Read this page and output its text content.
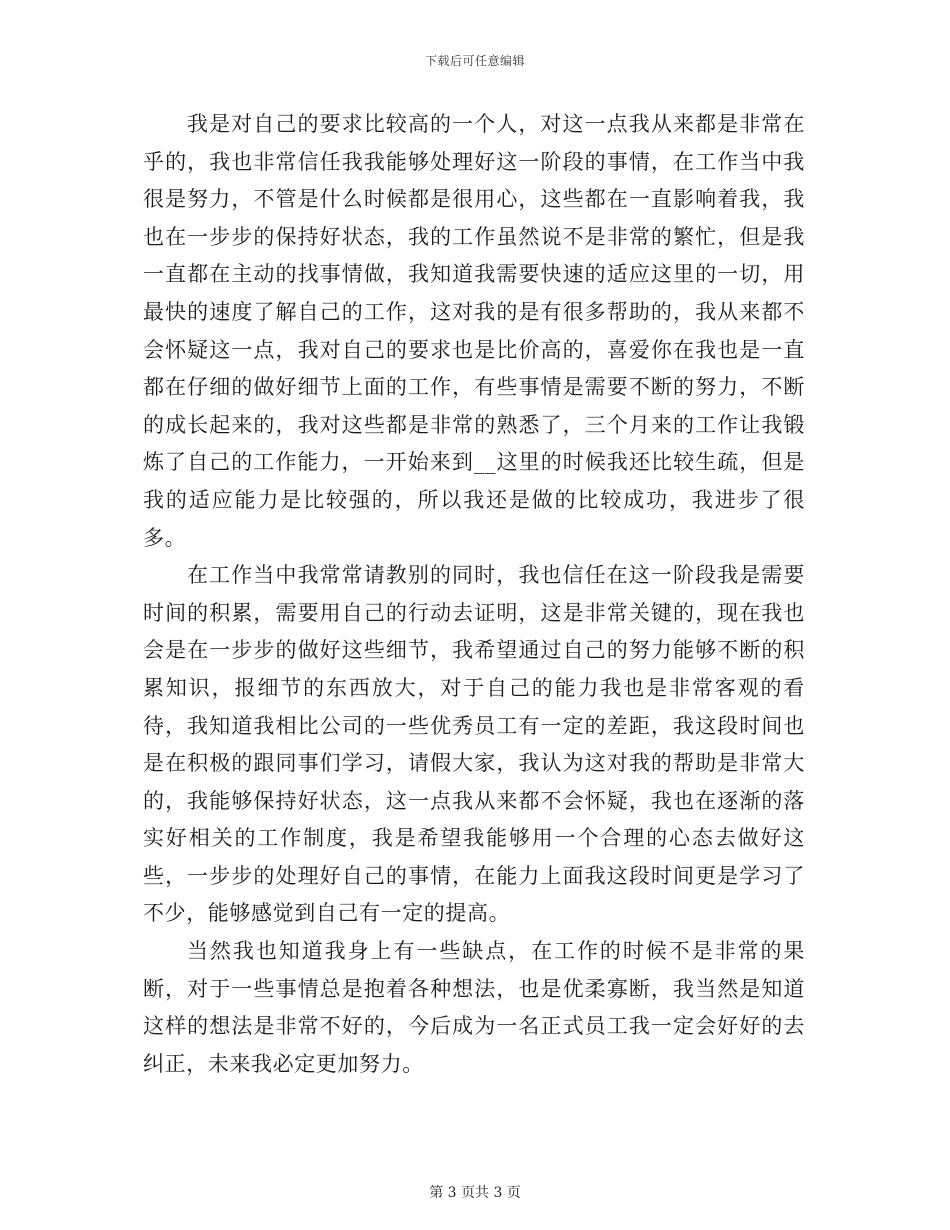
下载后可任意编辑

我是对自己的要求比较高的一个人，对这一点我从来都是非常在乎的，我也非常信任我我能够处理好这一阶段的事情，在工作当中我很是努力，不管是什么时候都是很用心，这些都在一直影响着我，我也在一步步的保持好状态，我的工作虽然说不是非常的繁忙，但是我一直都在主动的找事情做，我知道我需要快速的适应这里的一切，用最快的速度了解自己的工作，这对我的是有很多帮助的，我从来都不会怀疑这一点，我对自己的要求也是比价高的，喜爱你在我也是一直都在仔细的做好细节上面的工作，有些事情是需要不断的努力，不断的成长起来的，我对这些都是非常的熟悉了，三个月来的工作让我锻炼了自己的工作能力，一开始来到__这里的时候我还比较生疏，但是我的适应能力是比较强的，所以我还是做的比较成功，我进步了很多。

在工作当中我常常请教别的同时，我也信任在这一阶段我是需要时间的积累，需要用自己的行动去证明，这是非常关键的，现在我也会是在一步步的做好这些细节，我希望通过自己的努力能够不断的积累知识，报细节的东西放大，对于自己的能力我也是非常客观的看待，我知道我相比公司的一些优秀员工有一定的差距，我这段时间也是在积极的跟同事们学习，请假大家，我认为这对我的帮助是非常大的，我能够保持好状态，这一点我从来都不会怀疑，我也在逐渐的落实好相关的工作制度，我是希望我能够用一个合理的心态去做好这些，一步步的处理好自己的事情，在能力上面我这段时间更是学习了不少，能够感觉到自己有一定的提高。

当然我也知道我身上有一些缺点，在工作的时候不是非常的果断，对于一些事情总是抱着各种想法，也是优柔寡断，我当然是知道这样的想法是非常不好的，今后成为一名正式员工我一定会好好的去纠正，未来我必定更加努力。

第 3 页共 3 页
